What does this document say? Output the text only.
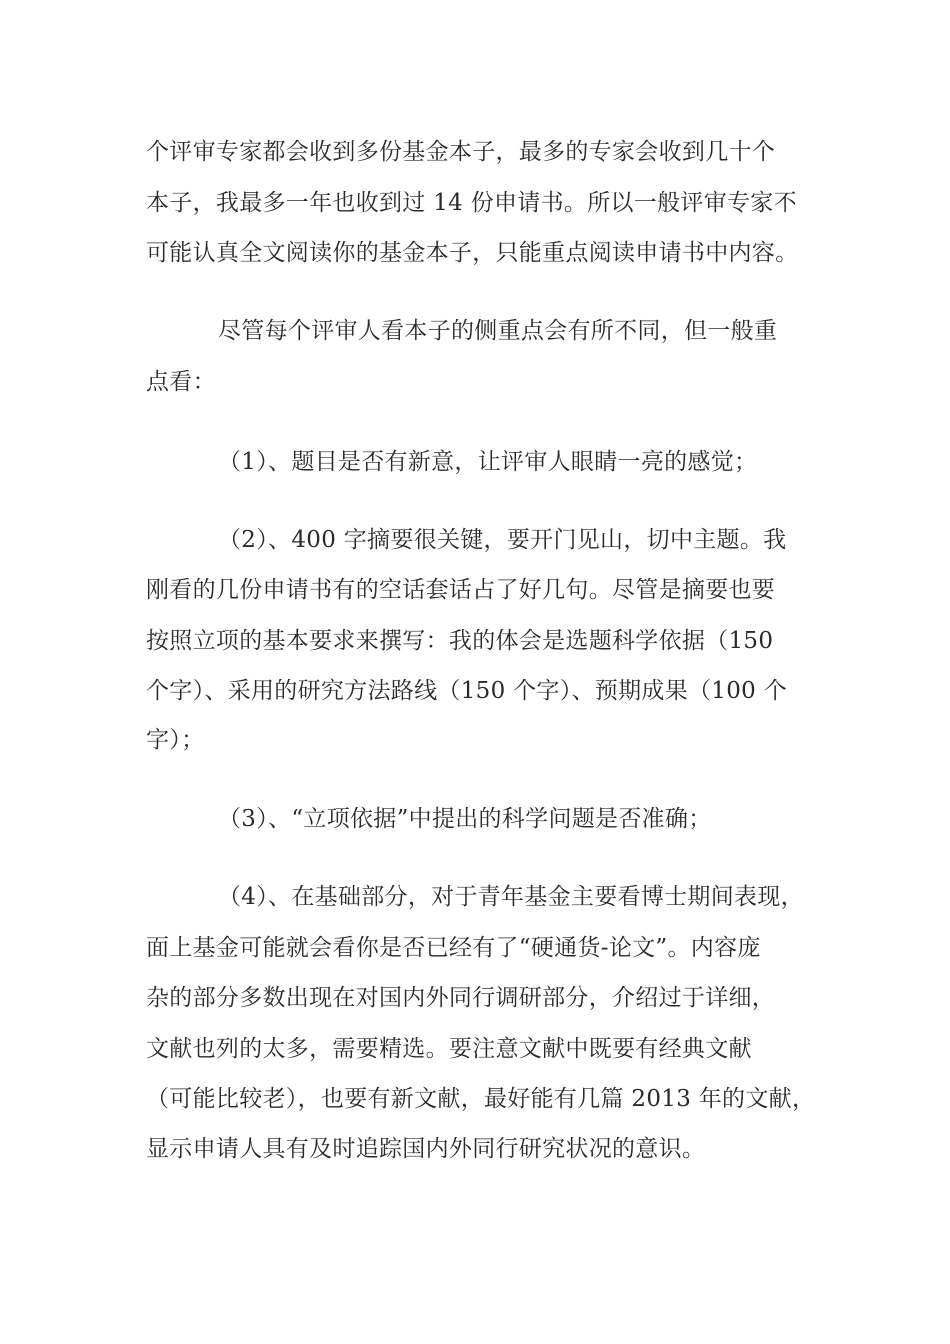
个评审专家都会收到多份基金本子，最多的专家会收到几十个
本子，我最多一年也收到过 14 份申请书。所以一般评审专家不
可能认真全文阅读你的基金本子，只能重点阅读申请书中内容。
尽管每个评审人看本子的侧重点会有所不同，但一般重
点看：
（1）、题目是否有新意，让评审人眼睛一亮的感觉；
（2）、400 字摘要很关键，要开门见山，切中主题。我
刚看的几份申请书有的空话套话占了好几句。尽管是摘要也要
按照立项的基本要求来撰写：我的体会是选题科学依据（150
个字）、采用的研究方法路线（150 个字）、预期成果（100 个
字）；
（3）、“立项依据”中提出的科学问题是否准确；
（4）、在基础部分，对于青年基金主要看博士期间表现，
面上基金可能就会看你是否已经有了“硬通货-论文”。内容庞
杂的部分多数出现在对国内外同行调研部分，介绍过于详细，
文献也列的太多，需要精选。要注意文献中既要有经典文献
（可能比较老），也要有新文献，最好能有几篇 2013 年的文献，
显示申请人具有及时追踪国内外同行研究状况的意识。
